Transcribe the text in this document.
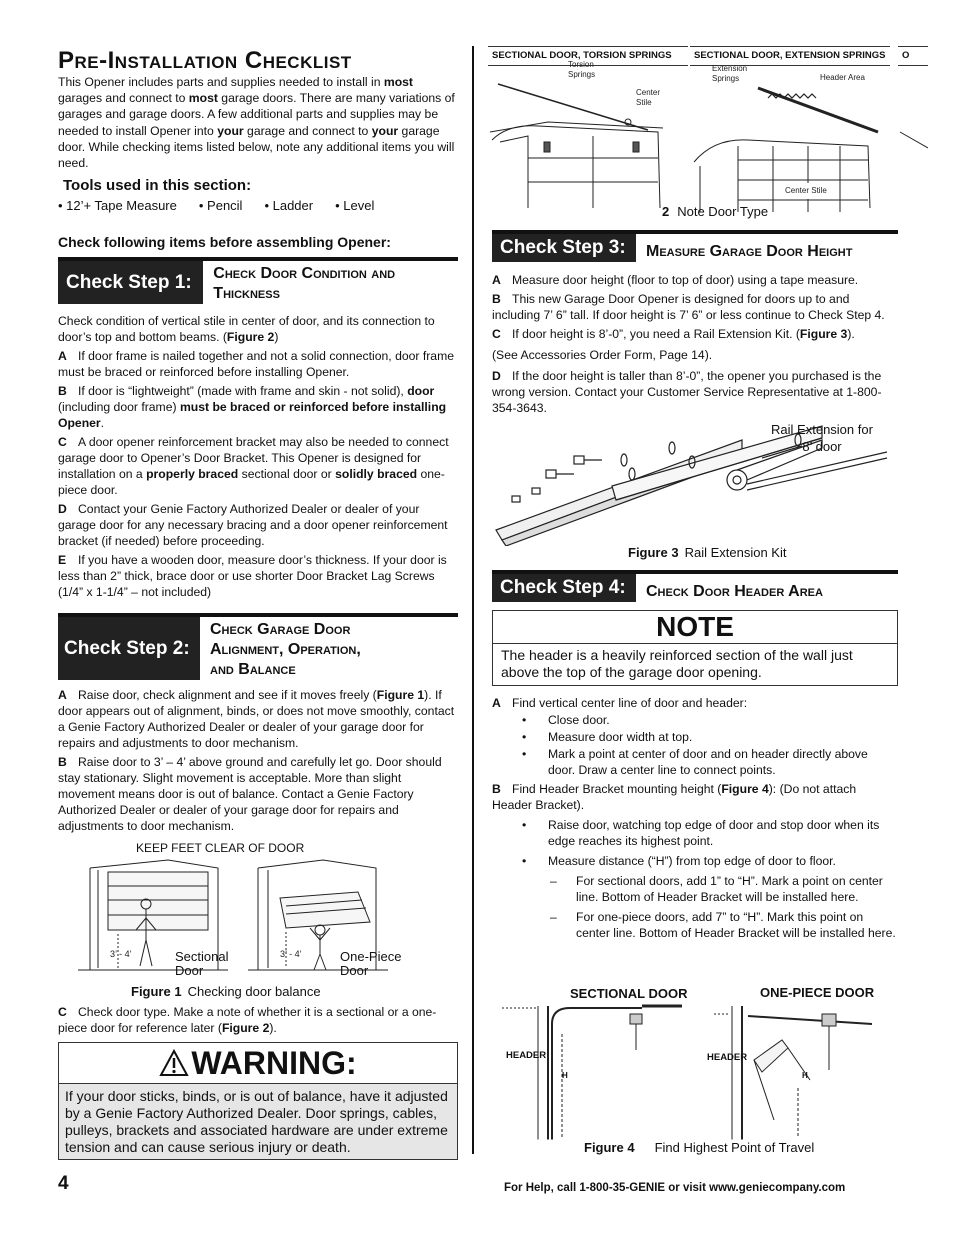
Pre-Installation Checklist

This Opener includes parts and supplies needed to install in most garages and connect to most garage doors. There are many variations of garages and garage doors. A few additional parts and supplies may be needed to install Opener into your garage and connect to your garage door. While checking items listed below, note any additional items you will need.

Tools used in this section:
• 12’+ Tape Measure • Pencil • Ladder • Level
Check following items before assembling Opener:
Check Step 1:	Check Door Condition and Thickness

Check condition of vertical stile in center of door, and its connection to door’s top and bottom beams. (Figure 2)

A If door frame is nailed together and not a solid connection, door frame must be braced or reinforced before installing Opener.

B If door is “lightweight” (made with frame and skin - not solid), door (including door frame) must be braced or reinforced before installing Opener.

C A door opener reinforcement bracket may also be needed to connect garage door to Opener’s Door Bracket. This Opener is designed for installation on a properly braced sectional door or solidly braced one-piece door.

D Contact your Genie Factory Authorized Dealer or dealer of your garage door for any necessary bracing and a door opener reinforcement bracket (if needed) before proceeding.

E If you have a wooden door, measure door’s thickness. If your door is less than 2” thick, brace door or use shorter Door Bracket Lag Screws (1/4” x 1-1/4” – not included)

Check Step 2:
Check Garage Door
Alignment, Operation,
and Balance

A Raise door, check alignment and see if it moves freely (Figure 1). If door appears out of alignment, binds, or does not move smoothly, contact a Genie Factory Authorized Dealer or dealer of your garage door for repairs and adjustments to door mechanism.

B Raise door to 3’ – 4’ above ground and carefully let go. Door should stay stationary. Slight movement is acceptable. More than slight movement means door is out of balance. Contact a Genie Factory Authorized Dealer or dealer of your garage door for repairs and adjustments to door mechanism.

KEEP FEET CLEAR OF DOOR
3’ - 4’	3’ - 4’
Sectional
Door
One-Piece
Door
Figure 1 Checking door balance

C Check door type. Make a note of whether it is a sectional or a one-piece door for reference later (Figure 2).

WARNING:
If your door sticks, binds, or is out of balance, have it adjusted by a Genie Factory Authorized Dealer. Door springs, cables, pulleys, brackets and associated hardware are under extreme tension and can cause serious injury or death.
SECTIONAL DOOR, TORSION SPRINGS	SECTIONAL DOOR, EXTENSION SPRINGS	O
Torsion
Springs
Center
Stile
Extension
Springs	Header Area
Center Stile
2 Note Door Type
Check Step 3:	Measure Garage Door Height

A Measure door height (floor to top of door) using a tape measure.

B This new Garage Door Opener is designed for doors up to and including 7’ 6” tall. If door height is 7’ 6” or less continue to Check Step 4.

C If door height is 8’-0”, you need a Rail Extension Kit. (Figure 3).

(See Accessories Order Form, Page 14).

D If the door height is taller than 8’-0”, the opener you purchased is the wrong version. Contact your Customer Service Representative at 1-800-354-3643.

Rail Extension for
8’ door
Figure 3 Rail Extension Kit
Check Step 4:	Check Door Header Area
NOTE
The header is a heavily reinforced section of the wall just above the top of the garage door opening.

A Find vertical center line of door and header:

• Close door.
• Measure door width at top.
• Mark a point at center of door and on header directly above door. Draw a center line to connect points.

B Find Header Bracket mounting height (Figure 4): (Do not attach Header Bracket).

• Raise door, watching top edge of door and stop door when its edge reaches its highest point.
• Measure distance (“H”) from top edge of door to floor.
– For sectional doors, add 1” to “H”. Mark a point on center line. Bottom of Header Bracket will be installed here.
– For one-piece doors, add 7” to “H”. Mark this point on center line. Bottom of Header Bracket will be installed here.
SECTIONAL DOOR	ONE-PIECE DOOR
HEADER	HEADER
H	H
Figure 4 Find Highest Point of Travel
4	For Help, call 1-800-35-GENIE or visit www.geniecompany.com
